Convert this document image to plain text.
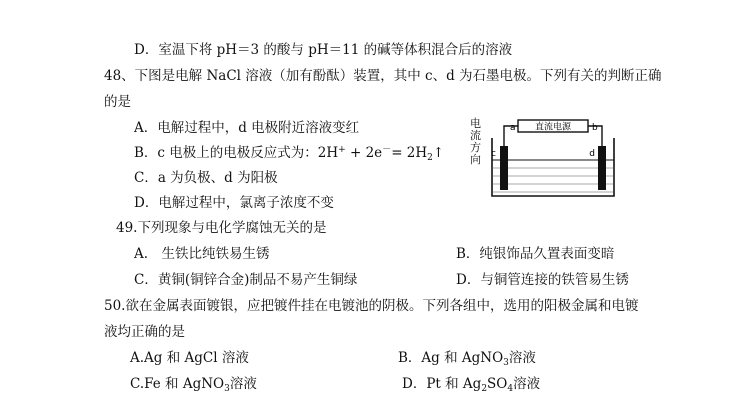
D．室温下将 pH＝3 的酸与 pH＝11 的碱等体积混合后的溶液
48、下图是电解 NaCl 溶液（加有酚酞）装置，其中 c、d 为石墨电极。下列有关的判断正确
的是
A．电解过程中，d 电极附近溶液变红
B．c 电极上的电极反应式为：$2H^+ + 2e^-= 2H_2↑$
C．a 为负极、d 为阳极
D．电解过程中，氯离子浓度不变
电流方向
直流电源
a	b
c	d
49.下列现象与电化学腐蚀无关的是
A.　生铁比纯铁易生锈	B．纯银饰品久置表面变暗
C．黄铜(铜锌合金)制品不易产生铜绿	D．与铜管连接的铁管易生锈
50.欲在金属表面镀银，应把镀件挂在电镀池的阴极。下列各组中，选用的阳极金属和电镀
液均正确的是
A.Ag 和 AgCl 溶液	B．Ag 和 AgNO$_3$溶液
C.Fe 和 AgNO$_3$溶液	D．Pt 和 $Ag_2SO_4$溶液
